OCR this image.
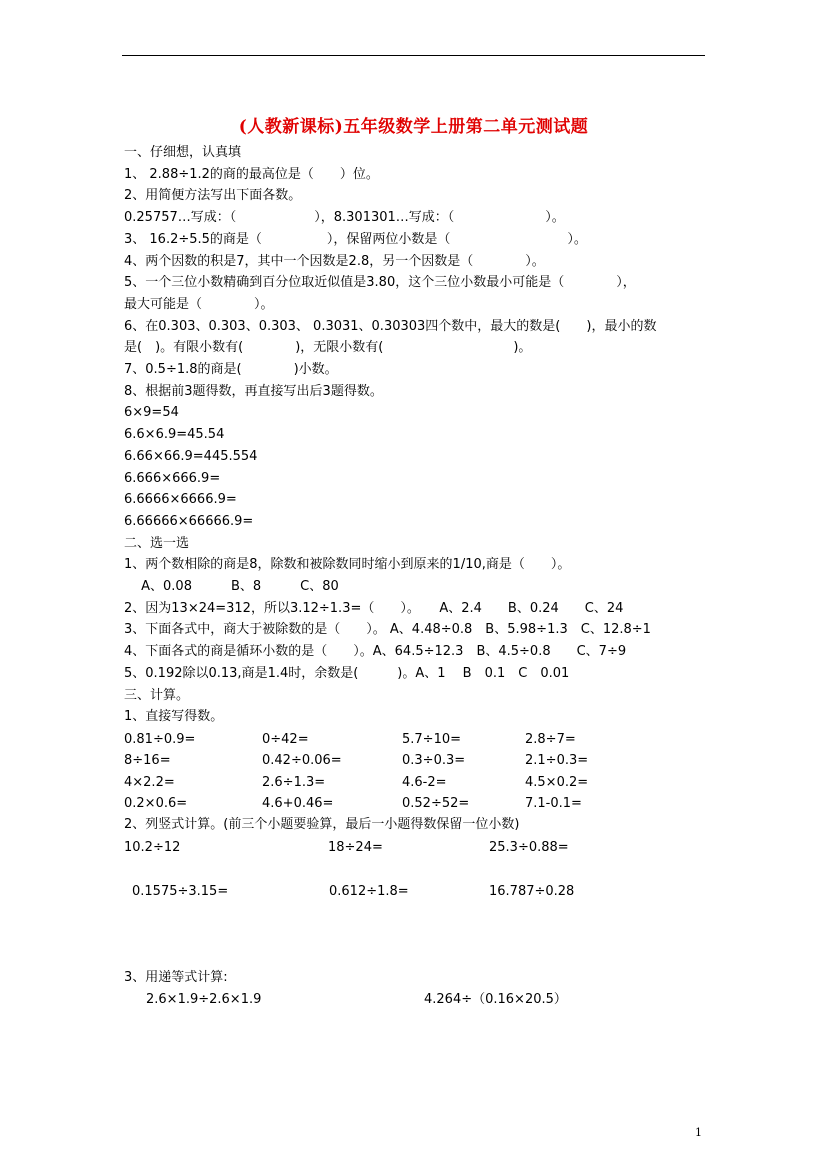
(人教新课标)五年级数学上册第二单元测试题
一、仔细想，认真填
1、 2.88÷1.2的商的最高位是（　　）位。
2、用简便方法写出下面各数。
0.25757…写成：（　　　　　　），8.301301…写成：（　　　　　　　）。
3、 16.2÷5.5的商是（　　　　　），保留两位小数是（　　　　　　　　　）。
4、两个因数的积是7，其中一个因数是2.8，另一个因数是（　　　　）。
5、一个三位小数精确到百分位取近似值是3.80，这个三位小数最小可能是（　　　　），
最大可能是（　　　　）。
6、在0.303、0.303、0.303、 0.3031、0.30303四个数中，最大的数是(　　)，最小的数
是(　)。有限小数有(　　　　)，无限小数有(　　　　　　　　　　)。
7、0.5÷1.8的商是(　　　　)小数。
8、根据前3题得数，再直接写出后3题得数。
6×9=54
6.6×6.9=45.54
6.66×66.9=445.554
6.666×666.9=
6.6666×6666.9=
6.66666×66666.9=
二、选一选
1、两个数相除的商是8，除数和被除数同时缩小到原来的1/10,商是（　　）。
　 A、0.08　　　B、8　　　C、80
2、因为13×24=312，所以3.12÷1.3=（　　）。　　A、2.4　　B、0.24　　C、24
3、下面各式中，商大于被除数的是（　　）。 A、4.48÷0.8　B、5.98÷1.3　C、12.8÷1
4、下面各式的商是循环小数的是（　　）。A、64.5÷12.3　B、4.5÷0.8　　C、7÷9
5、0.192除以0.13,商是1.4时，余数是(　　　)。A、1　 B　0.1　C　0.01
三、计算。
1、直接写得数。
0.81÷0.9=	0÷42=	5.7÷10=	2.8÷7=
8÷16=	0.42÷0.06=	0.3÷0.3=	2.1÷0.3=
4×2.2=	2.6÷1.3=	4.6-2=	4.5×0.2=
0.2×0.6=	4.6+0.46=	0.52÷52=	7.1-0.1=
2、列竖式计算。(前三个小题要验算，最后一小题得数保留一位小数)
10.2÷12	18÷24=	25.3÷0.88=
0.1575÷3.15=	0.612÷1.8=	16.787÷0.28
3、用递等式计算:
2.6×1.9÷2.6×1.9	4.264÷（0.16×20.5）
1
